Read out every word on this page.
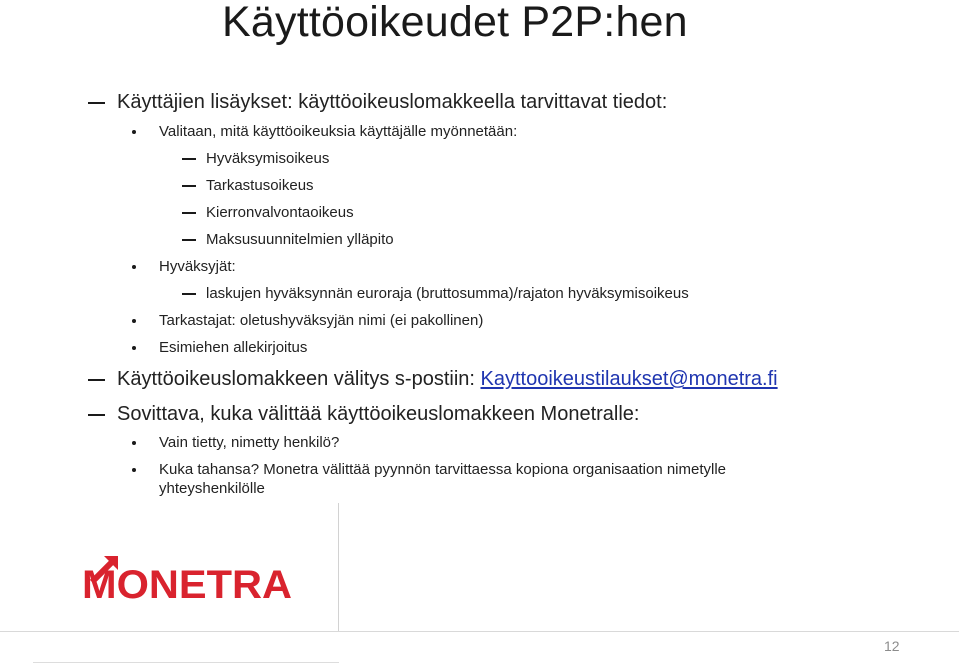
Käyttöoikeudet P2P:hen
Käyttäjien lisäykset: käyttöoikeuslomakkeella tarvittavat tiedot:
Valitaan, mitä käyttöoikeuksia käyttäjälle myönnetään:
Hyväksymisoikeus
Tarkastusoikeus
Kierronvalvontaoikeus
Maksusuunnitelmien ylläpito
Hyväksyjät:
laskujen hyväksynnän euroraja (bruttosumma)/rajaton hyväksymisoikeus
Tarkastajat: oletushyväksyjän nimi (ei pakollinen)
Esimiehen allekirjoitus
Käyttöoikeuslomakkeen välitys s-postiin: Kayttooikeustilaukset@monetra.fi
Sovittava, kuka välittää käyttöoikeuslomakkeen Monetralle:
Vain tietty, nimetty henkilö?
Kuka tahansa? Monetra välittää pyynnön tarvittaessa kopiona organisaation nimetylle
yhteyshenkilölle
MONETRA
12
